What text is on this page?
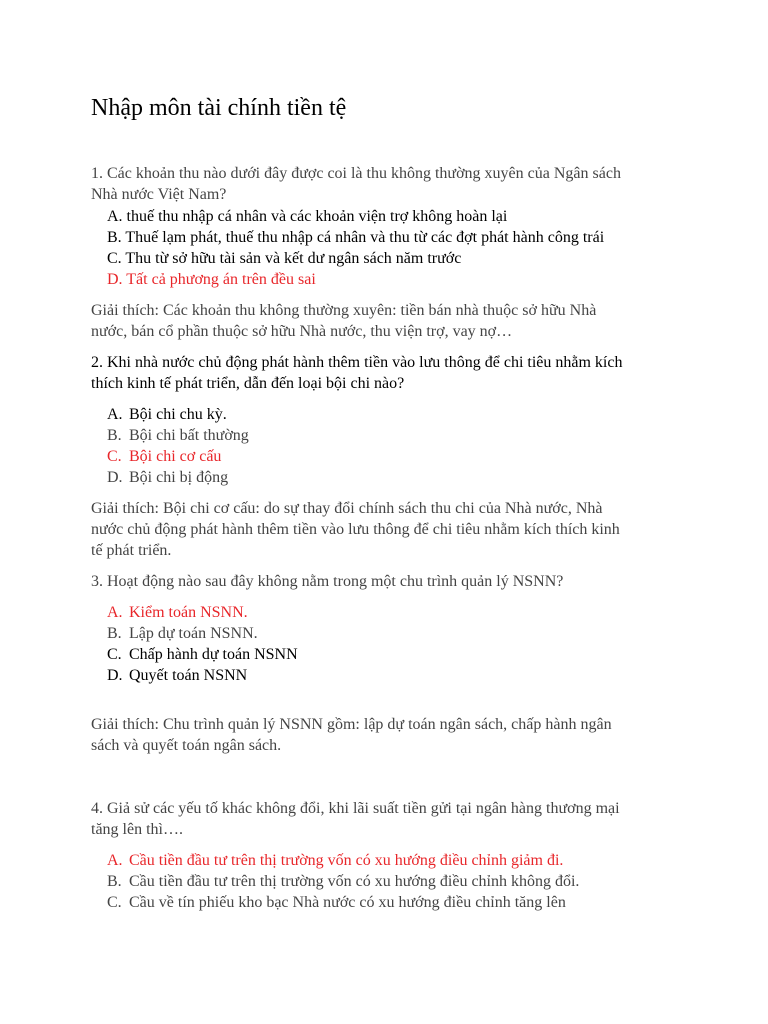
Nhập môn tài chính tiền tệ
1. Các khoản thu nào dưới đây được coi là thu không thường xuyên của Ngân sách
Nhà nước Việt Nam?
A. thuế thu nhập cá nhân và các khoản viện trợ không hoàn lại
B. Thuế lạm phát, thuế thu nhập cá nhân và thu từ các đợt phát hành công trái
C. Thu từ sở hữu tài sản và kết dư ngân sách năm trước
D. Tất cả phương án trên đều sai
Giải thích: Các khoản thu không thường xuyên: tiền bán nhà thuộc sở hữu Nhà
nước, bán cổ phần thuộc sở hữu Nhà nước, thu viện trợ, vay nợ…
2. Khi nhà nước chủ động phát hành thêm tiền vào lưu thông để chi tiêu nhằm kích
thích kinh tế phát triển, dẫn đến loại bội chi nào?
A. Bội chi chu kỳ.
B. Bội chi bất thường
C. Bội chi cơ cấu
D. Bội chi bị động
Giải thích: Bội chi cơ cấu: do sự thay đổi chính sách thu chi của Nhà nước, Nhà
nước chủ động phát hành thêm tiền vào lưu thông để chi tiêu nhằm kích thích kinh
tế phát triển.
3. Hoạt động nào sau đây không nằm trong một chu trình quản lý NSNN?
A. Kiểm toán NSNN.
B. Lập dự toán NSNN.
C. Chấp hành dự toán NSNN
D. Quyết toán NSNN
Giải thích: Chu trình quản lý NSNN gồm: lập dự toán ngân sách, chấp hành ngân
sách và quyết toán ngân sách.
4. Giả sử các yếu tố khác không đổi, khi lãi suất tiền gửi tại ngân hàng thương mại
tăng lên thì….
A. Cầu tiền đầu tư trên thị trường vốn có xu hướng điều chỉnh giảm đi.
B. Cầu tiền đầu tư trên thị trường vốn có xu hướng điều chỉnh không đổi.
C. Cầu về tín phiếu kho bạc Nhà nước có xu hướng điều chỉnh tăng lên
